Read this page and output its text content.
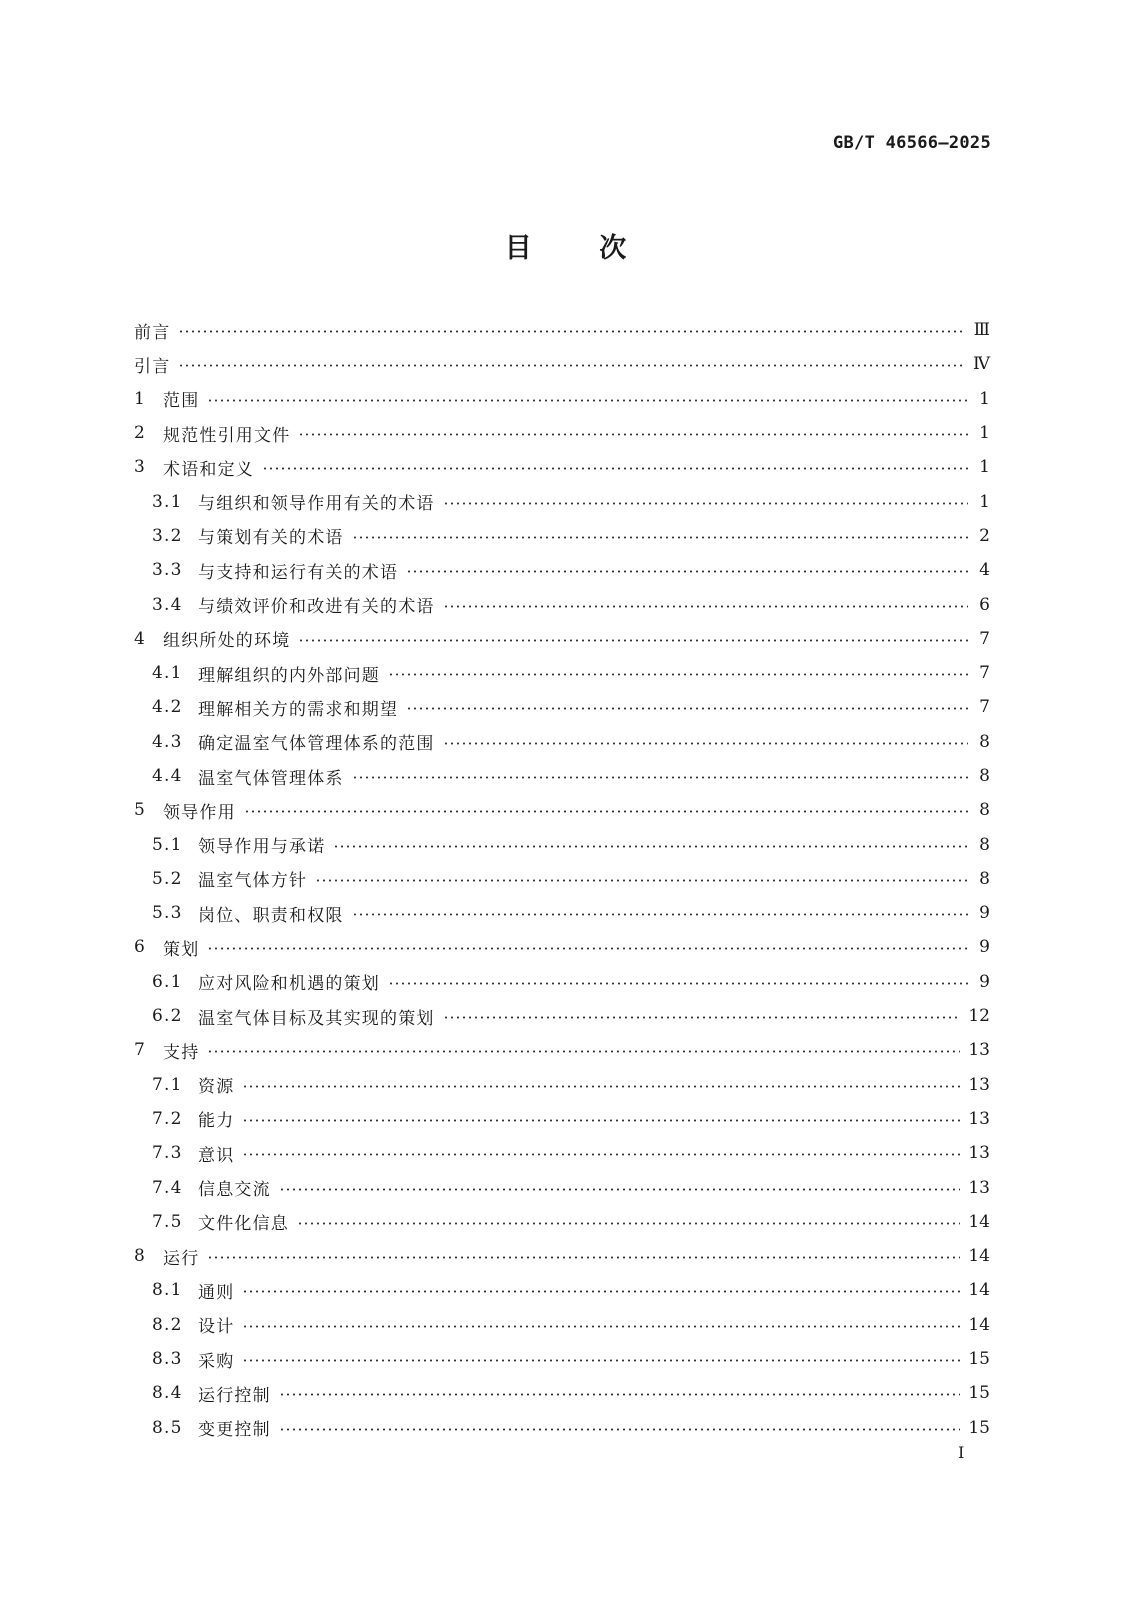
GB/T 46566—2025
目 次
前言	Ⅲ
引言	Ⅳ
1 范围	1
2 规范性引用文件	1
3 术语和定义	1
3.1 与组织和领导作用有关的术语	1
3.2 与策划有关的术语	2
3.3 与支持和运行有关的术语	4
3.4 与绩效评价和改进有关的术语	6
4 组织所处的环境	7
4.1 理解组织的内外部问题	7
4.2 理解相关方的需求和期望	7
4.3 确定温室气体管理体系的范围	8
4.4 温室气体管理体系	8
5 领导作用	8
5.1 领导作用与承诺	8
5.2 温室气体方针	8
5.3 岗位、职责和权限	9
6 策划	9
6.1 应对风险和机遇的策划	9
6.2 温室气体目标及其实现的策划	12
7 支持	13
7.1 资源	13
7.2 能力	13
7.3 意识	13
7.4 信息交流	13
7.5 文件化信息	14
8 运行	14
8.1 通则	14
8.2 设计	14
8.3 采购	15
8.4 运行控制	15
8.5 变更控制	15
I
